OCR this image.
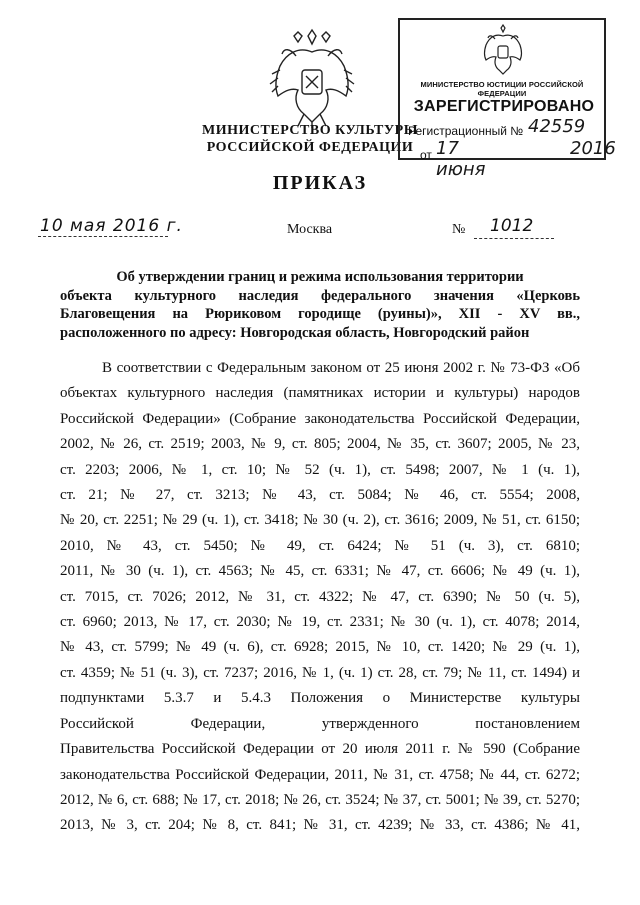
МИНИСТЕРСТВО КУЛЬТУРЫ
РОССИЙСКОЙ ФЕДЕРАЦИИ
МИНИСТЕРСТВО ЮСТИЦИИ РОССИЙСКОЙ ФЕДЕРАЦИИ
ЗАРЕГИСТРИРОВАНО
Регистрационный № 42559
от 17 июня
2016
ПРИКАЗ
10 мая 2016 г.	Москва	№ 1012
Об утверждении границ и режима использования территории
объекта культурного наследия федерального значения «Церковь
Благовещения на Рюриковом городище (руины)», XII - XV вв.,
расположенного по адресу: Новгородская область, Новгородский район
В соответствии с Федеральным законом от 25 июня 2002 г. № 73-ФЗ «Об
объектах культурного наследия (памятниках истории и культуры) народов
Российской Федерации» (Собрание законодательства Российской Федерации,
2002, № 26, ст. 2519; 2003, № 9, ст. 805; 2004, № 35, ст. 3607; 2005, № 23,
ст. 2203; 2006, № 1, ст. 10; № 52 (ч. 1), ст. 5498; 2007, № 1 (ч. 1),
ст. 21; № 27, ст. 3213; № 43, ст. 5084; № 46, ст. 5554; 2008,
№ 20, ст. 2251; № 29 (ч. 1), ст. 3418; № 30 (ч. 2), ст. 3616; 2009, № 51, ст. 6150;
2010, № 43, ст. 5450; № 49, ст. 6424; № 51 (ч. 3), ст. 6810;
2011, № 30 (ч. 1), ст. 4563; № 45, ст. 6331; № 47, ст. 6606; № 49 (ч. 1),
ст. 7015, ст. 7026; 2012, № 31, ст. 4322; № 47, ст. 6390; № 50 (ч. 5),
ст. 6960; 2013, № 17, ст. 2030; № 19, ст. 2331; № 30 (ч. 1), ст. 4078; 2014,
№ 43, ст. 5799; № 49 (ч. 6), ст. 6928; 2015, № 10, ст. 1420; № 29 (ч. 1),
ст. 4359; № 51 (ч. 3), ст. 7237; 2016, № 1, (ч. 1) ст. 28, ст. 79; № 11, ст. 1494) и
подпунктами 5.3.7 и 5.4.3 Положения о Министерстве культуры
Российской Федерации, утвержденного постановлением
Правительства Российской Федерации от 20 июля 2011 г. № 590 (Собрание
законодательства Российской Федерации, 2011, № 31, ст. 4758; № 44, ст. 6272;
2012, № 6, ст. 688; № 17, ст. 2018; № 26, ст. 3524; № 37, ст. 5001; № 39, ст. 5270;
2013, № 3, ст. 204; № 8, ст. 841; № 31, ст. 4239; № 33, ст. 4386; № 41,
